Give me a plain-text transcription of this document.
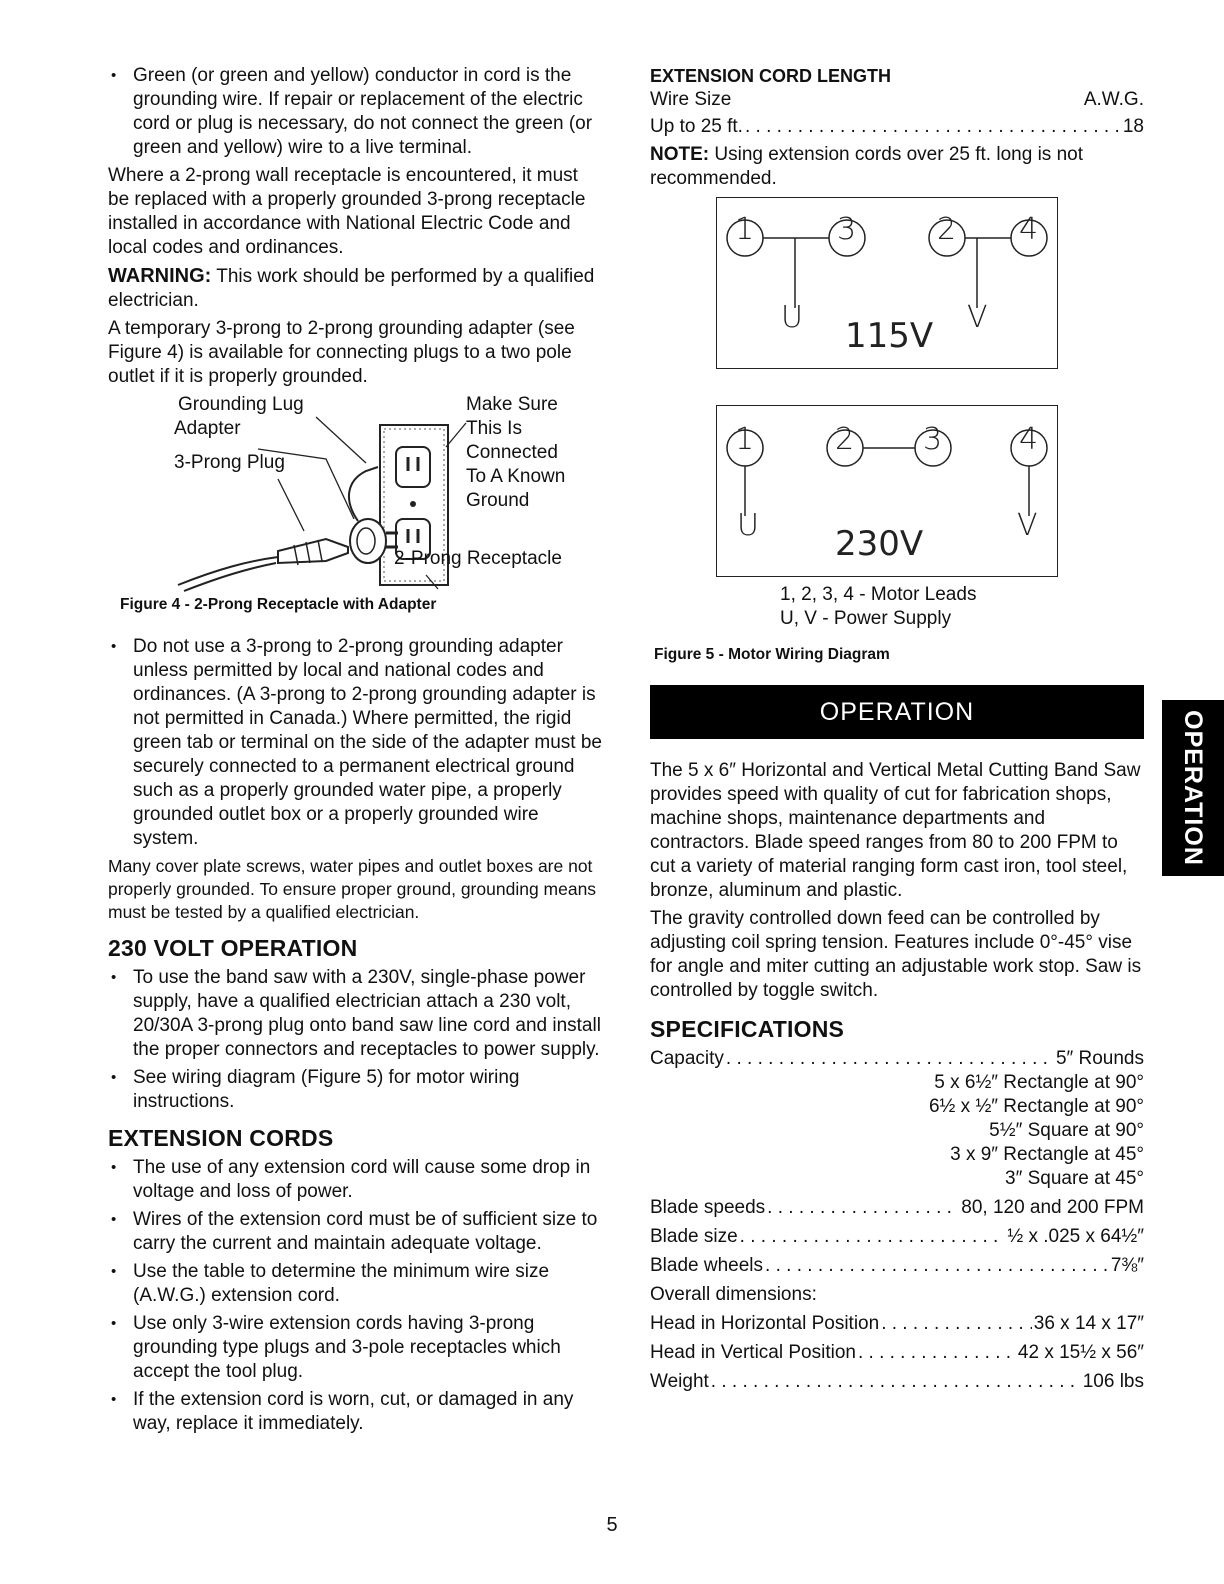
• Green (or green and yellow) conductor in cord is the grounding wire. If repair or replacement of the electric cord or plug is necessary, do not connect the green (or green and yellow) wire to a live terminal.

Where a 2-prong wall receptacle is encountered, it must be replaced with a properly grounded 3-prong receptacle installed in accordance with National Electric Code and local codes and ordinances.

WARNING: This work should be performed by a qualified electrician.

A temporary 3-prong to 2-prong grounding adapter (see Figure 4) is available for connecting plugs to a two pole outlet if it is properly grounded.

Grounding Lug
Adapter
3-Prong Plug
Make Sure
This Is
Connected
To A Known
Ground
2-Prong Receptacle
Figure 4 - 2-Prong Receptacle with Adapter
• Do not use a 3-prong to 2-prong grounding adapter unless permitted by local and national codes and ordinances. (A 3-prong to 2-prong grounding adapter is not permitted in Canada.) Where permitted, the rigid green tab or terminal on the side of the adapter must be securely connected to a permanent electrical ground such as a properly grounded water pipe, a properly grounded outlet box or a properly grounded wire system.

Many cover plate screws, water pipes and outlet boxes are not properly grounded. To ensure proper ground, grounding means must be tested by a qualified electrician.

230 VOLT OPERATION
• To use the band saw with a 230V, single-phase power supply, have a qualified electrician attach a 230 volt, 20/30A 3-prong plug onto band saw line cord and install the proper connectors and receptacles to power supply.
• See wiring diagram (Figure 5) for motor wiring instructions.
EXTENSION CORDS
• The use of any extension cord will cause some drop in voltage and loss of power.
• Wires of the extension cord must be of sufficient size to carry the current and maintain adequate voltage.
• Use the table to determine the minimum wire size (A.W.G.) extension cord.
• Use only 3-wire extension cords having 3-prong grounding type plugs and 3-pole receptacles which accept the tool plug.
• If the extension cord is worn, cut, or damaged in any way, replace it immediately.
EXTENSION CORD LENGTH
Wire Size	A.W.G.
Up to 25 ft. . . .	18

NOTE: Using extension cords over 25 ft. long is not recommended.

1	3	2 4
U	V
115V
1	2 3	4
U	V
230V
1, 2, 3, 4 - Motor Leads
U, V - Power Supply
Figure 5 - Motor Wiring Diagram
OPERATION

The 5 x 6″ Horizontal and Vertical Metal Cutting Band Saw provides speed with quality of cut for fabrication shops, machine shops, maintenance departments and contractors. Blade speed ranges from 80 to 200 FPM to cut a variety of material ranging form cast iron, tool steel, bronze, aluminum and plastic.

The gravity controlled down feed can be controlled by adjusting coil spring tension. Features include 0°-45° vise for angle and miter cutting an adjustable work stop. Saw is controlled by toggle switch.

SPECIFICATIONS
Capacity . . .	5″ Rounds
5 x 6½″ Rectangle at 90°
6½ x ½″ Rectangle at 90°
5½″ Square at 90°
3 x 9″ Rectangle at 45°
3″ Square at 45°
Blade speeds . . .	80, 120 and 200 FPM
Blade size . . .	½ x .025 x 64½″
Blade wheels . . .	7⅜″
Overall dimensions:
Head in Horizontal Position . . .	36 x 14 x 17″
Head in Vertical Position . . .	42 x 15½ x 56″
Weight . . .	106 lbs
OPERATION
5
